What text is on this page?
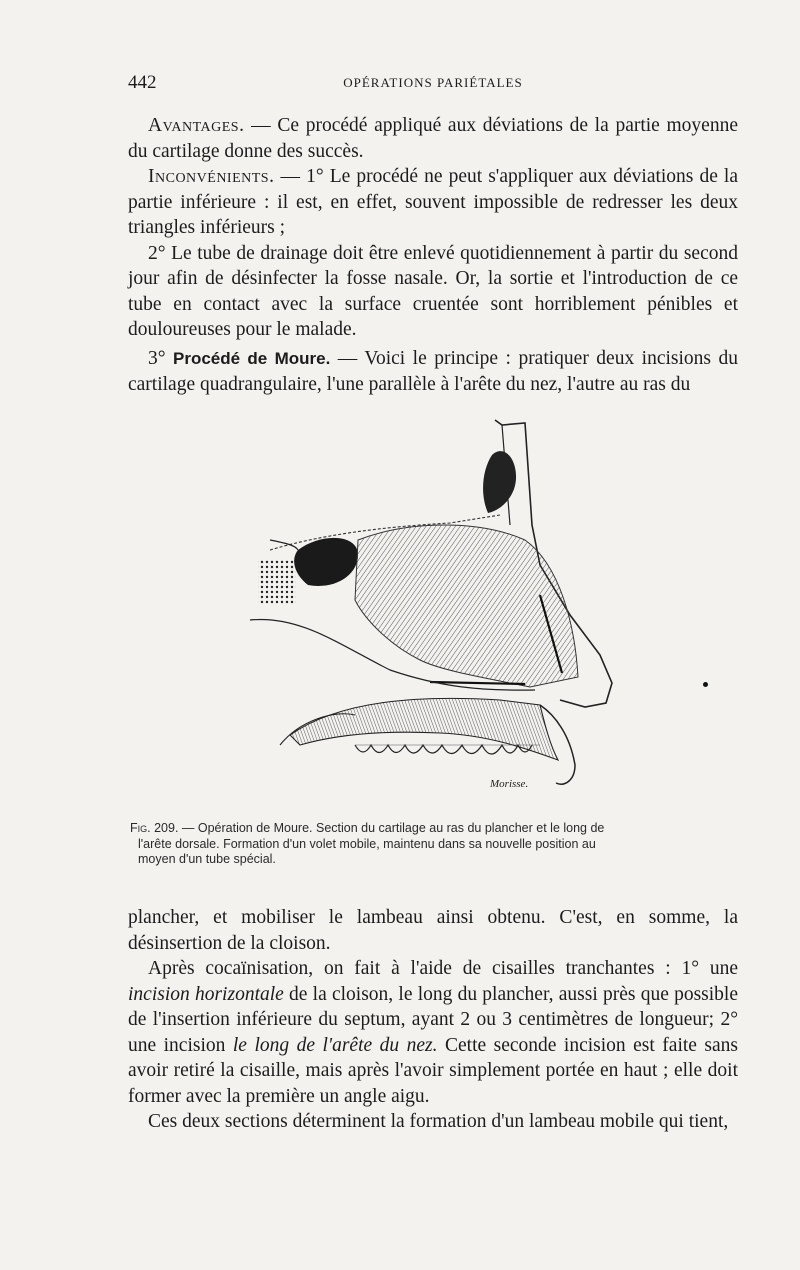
442	OPÉRATIONS PARIÉTALES

Avantages. — Ce procédé appliqué aux déviations de la partie moyenne du cartilage donne des succès.

Inconvénients. — 1° Le procédé ne peut s'appliquer aux déviations de la partie inférieure : il est, en effet, souvent impossible de redresser les deux triangles inférieurs ;

2° Le tube de drainage doit être enlevé quotidiennement à partir du second jour afin de désinfecter la fosse nasale. Or, la sortie et l'introduction de ce tube en contact avec la surface cruentée sont horriblement pénibles et douloureuses pour le malade.

3° Procédé de Moure. — Voici le principe : pratiquer deux incisions du cartilage quadrangulaire, l'une parallèle à l'arête du nez, l'autre au ras du

Morisse.
Fig. 209. — Opération de Moure. Section du cartilage au ras du plancher et le long de
l'arête dorsale. Formation d'un volet mobile, maintenu dans sa nouvelle position au
moyen d'un tube spécial.

plancher, et mobiliser le lambeau ainsi obtenu. C'est, en somme, la désinsertion de la cloison.

Après cocaïnisation, on fait à l'aide de cisailles tranchantes : 1° une incision horizontale de la cloison, le long du plancher, aussi près que possible de l'insertion inférieure du septum, ayant 2 ou 3 centimètres de longueur; 2° une incision le long de l'arête du nez. Cette seconde incision est faite sans avoir retiré la cisaille, mais après l'avoir simplement portée en haut ; elle doit former avec la première un angle aigu.

Ces deux sections déterminent la formation d'un lambeau mobile qui tient,
